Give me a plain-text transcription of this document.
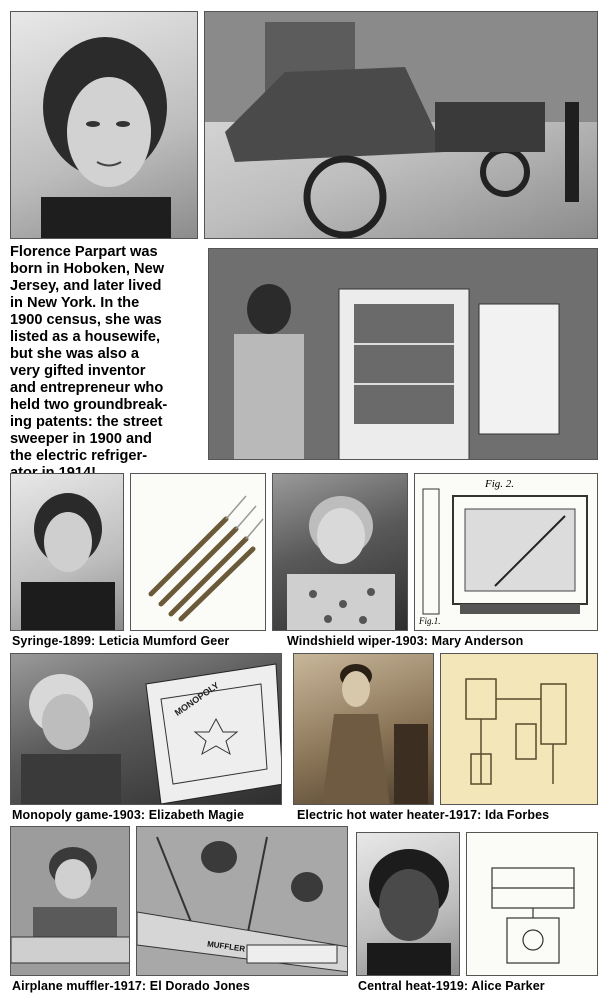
Florence Parpart was

born in Hoboken, New

Jersey, and later lived

in New York. In the

1900 census, she was

listed as a housewife,

but she was also a

very gifted inventor

and entrepreneur who

held two groundbreak-

ing patents: the street

sweeper in 1900 and

the electric refriger-

Fig. 2.
Fig.1.
Syringe-1899: Leticia Mumford Geer	Windshield wiper-1903: Mary Anderson
MONOPOLY
Monopoly game-1903: Elizabeth Magie	Electric hot water heater-1917: Ida Forbes
MUFFLER
Airplane muffler-1917: El Dorado Jones	Central heat-1919: Alice Parker
